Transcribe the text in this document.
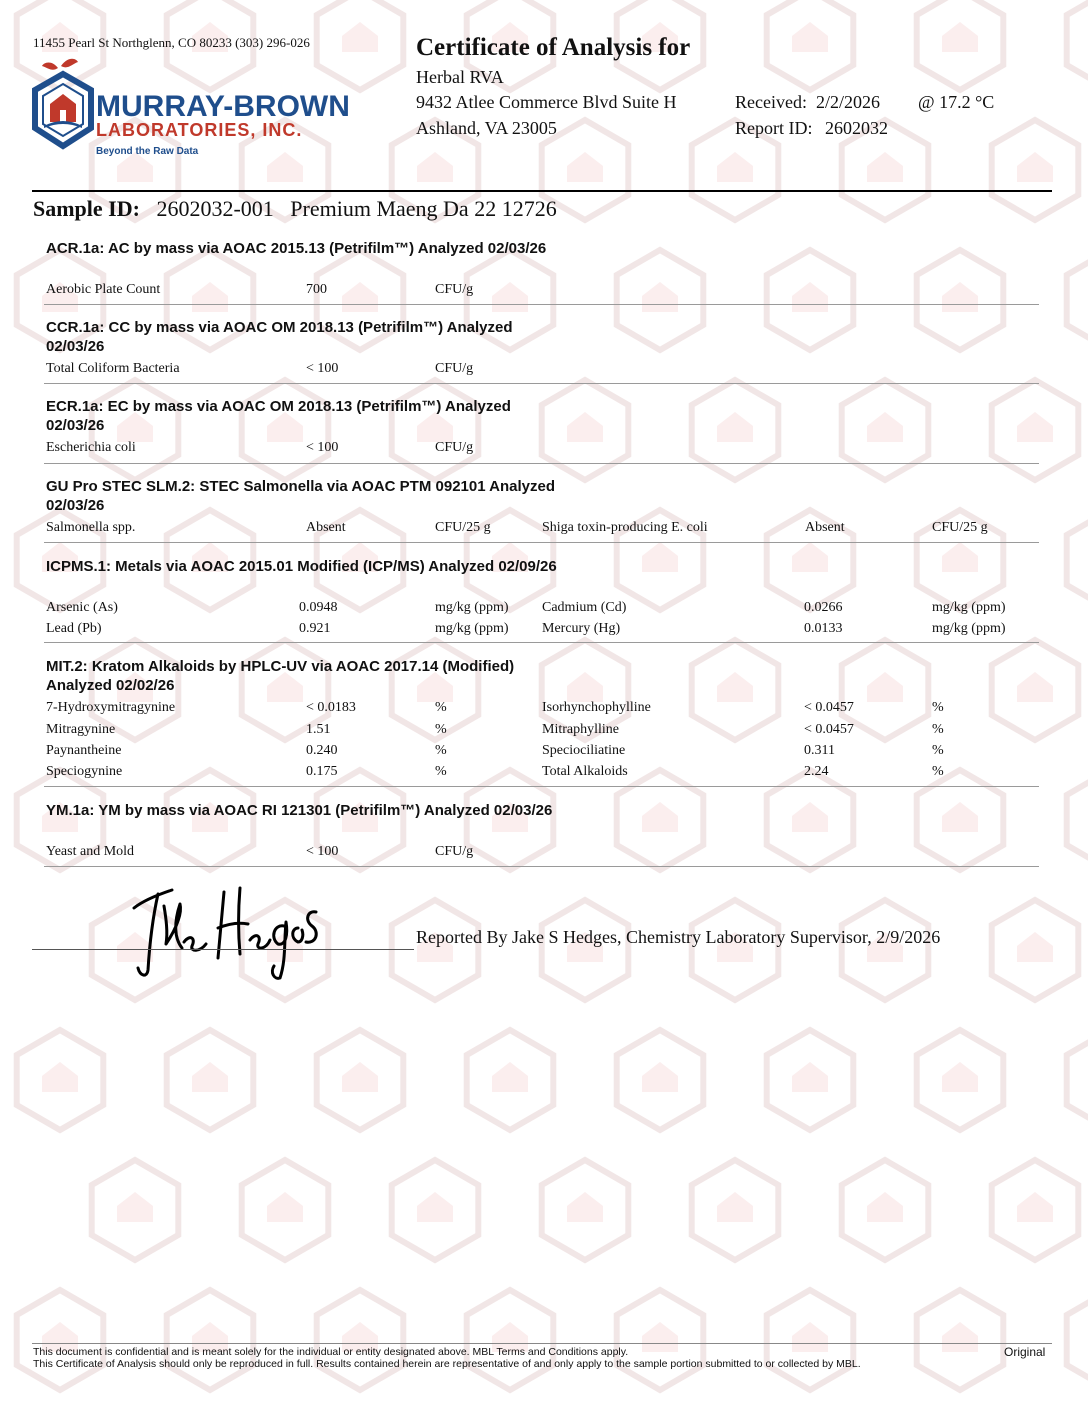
11455 Pearl St Northglenn, CO 80233 (303) 296-026
MURRAY-BROWN
LABORATORIES, INC.
Beyond the Raw Data
Certificate of Analysis for
Herbal RVA
9432 Atlee Commerce Blvd Suite H
Ashland, VA 23005
Received: 2/2/2026 @ 17.2 °C
Report ID: 2602032
Sample ID: 2602032-001 Premium Maeng Da 22 12726
ACR.1a: AC by mass via AOAC 2015.13 (Petrifilm™) Analyzed 02/03/26
Aerobic Plate Count	700	CFU/g
CCR.1a: CC by mass via AOAC OM 2018.13 (Petrifilm™) Analyzed 02/03/26
Total Coliform Bacteria	< 100	CFU/g
ECR.1a: EC by mass via AOAC OM 2018.13 (Petrifilm™) Analyzed 02/03/26
Escherichia coli	< 100	CFU/g
GU Pro STEC SLM.2: STEC Salmonella via AOAC PTM 092101 Analyzed 02/03/26
Salmonella spp.	Absent	CFU/25 g	Shiga toxin-producing E. coli	Absent	CFU/25 g
ICPMS.1: Metals via AOAC 2015.01 Modified (ICP/MS) Analyzed 02/09/26
Arsenic (As)	0.0948	mg/kg (ppm) Cadmium (Cd)	0.0266	mg/kg (ppm)
Lead (Pb)	0.921	mg/kg (ppm) Mercury (Hg)	0.0133	mg/kg (ppm)
MIT.2: Kratom Alkaloids by HPLC-UV via AOAC 2017.14 (Modified) Analyzed 02/02/26
7-Hydroxymitragynine	< 0.0183	%	Isorhynchophylline	< 0.0457	%
Mitragynine	1.51	%	Mitraphylline	< 0.0457	%
Paynantheine	0.240	%	Speciociliatine	0.311	%
Speciogynine	0.175	%	Total Alkaloids	2.24	%
YM.1a: YM by mass via AOAC RI 121301 (Petrifilm™) Analyzed 02/03/26
Yeast and Mold	< 100	CFU/g
Reported By Jake S Hedges, Chemistry Laboratory Supervisor, 2/9/2026
This document is confidential and is meant solely for the individual or entity designated above. MBL Terms and Conditions apply.
This Certificate of Analysis should only be reproduced in full. Results contained herein are representative of and only apply to the sample portion submitted to or collected by MBL.
Original
